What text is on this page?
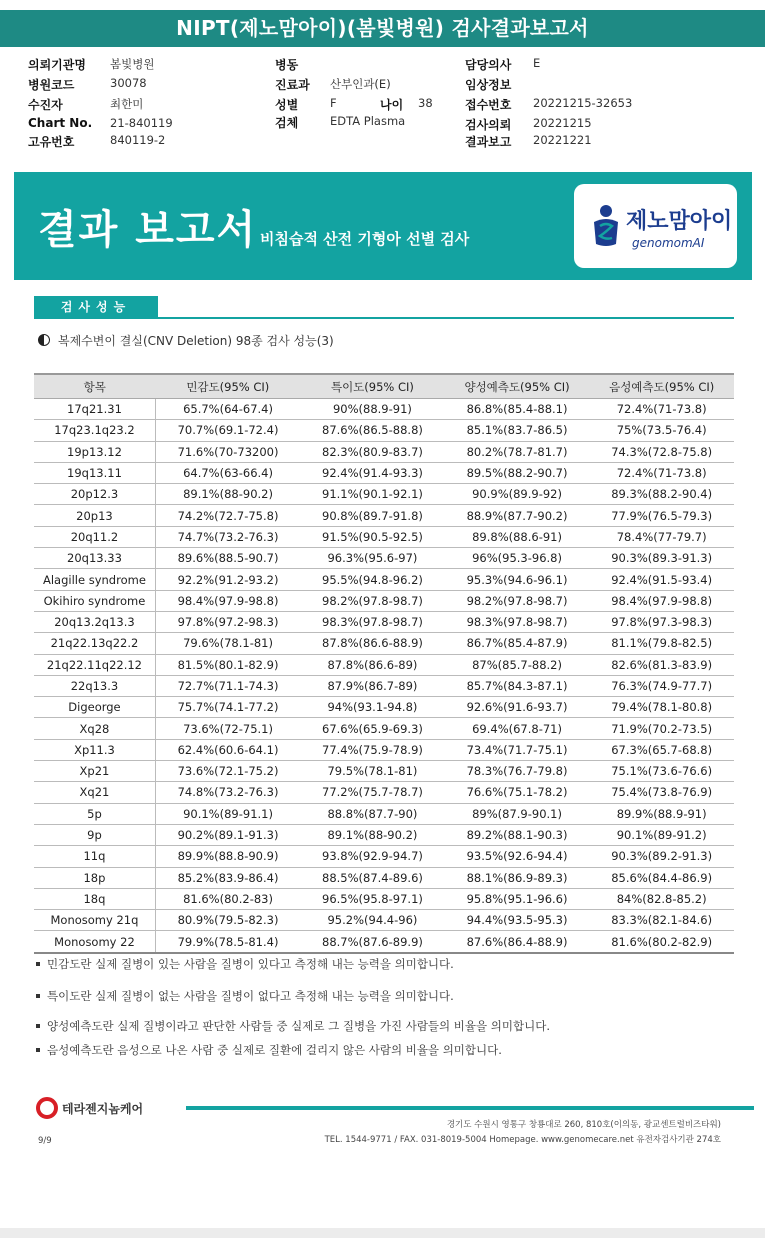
NIPT(제노맘아이)(봄빛병원) 검사결과보고서
의뢰기관명 봄빛병원
병원코드	30078
수진자	최한미
Chart No. 21-840119
고유번호	840119-2
병동
진료과 산부인과(E)
성별	F	나이 38
검체	EDTA Plasma
담당의사 E
임상정보
접수번호 20221215-32653
검사의뢰 20221215
결과보고 20221221
결과 보고서 비침습적 산전 기형아 선별 검사
제노맘아이
genomomAI
검사성능
복제수변이 결실(CNV Deletion) 98종 검사 성능(3)
항목	민감도(95% CI)	특이도(95% CI)	양성예측도(95% CI)	음성예측도(95% CI)
17q21.31	65.7%(64-67.4)	90%(88.9-91)	86.8%(85.4-88.1)	72.4%(71-73.8)
17q23.1q23.2	70.7%(69.1-72.4)	87.6%(86.5-88.8)	85.1%(83.7-86.5)	75%(73.5-76.4)
19p13.12	71.6%(70-73200)	82.3%(80.9-83.7)	80.2%(78.7-81.7)	74.3%(72.8-75.8)
19q13.11	64.7%(63-66.4)	92.4%(91.4-93.3)	89.5%(88.2-90.7)	72.4%(71-73.8)
20p12.3	89.1%(88-90.2)	91.1%(90.1-92.1)	90.9%(89.9-92)	89.3%(88.2-90.4)
20p13	74.2%(72.7-75.8)	90.8%(89.7-91.8)	88.9%(87.7-90.2)	77.9%(76.5-79.3)
20q11.2	74.7%(73.2-76.3)	91.5%(90.5-92.5)	89.8%(88.6-91)	78.4%(77-79.7)
20q13.33	89.6%(88.5-90.7)	96.3%(95.6-97)	96%(95.3-96.8)	90.3%(89.3-91.3)
Alagille syndrome	92.2%(91.2-93.2)	95.5%(94.8-96.2)	95.3%(94.6-96.1)	92.4%(91.5-93.4)
Okihiro syndrome	98.4%(97.9-98.8)	98.2%(97.8-98.7)	98.2%(97.8-98.7)	98.4%(97.9-98.8)
20q13.2q13.3	97.8%(97.2-98.3)	98.3%(97.8-98.7)	98.3%(97.8-98.7)	97.8%(97.3-98.3)
21q22.13q22.2	79.6%(78.1-81)	87.8%(86.6-88.9)	86.7%(85.4-87.9)	81.1%(79.8-82.5)
21q22.11q22.12	81.5%(80.1-82.9)	87.8%(86.6-89)	87%(85.7-88.2)	82.6%(81.3-83.9)
22q13.3	72.7%(71.1-74.3)	87.9%(86.7-89)	85.7%(84.3-87.1)	76.3%(74.9-77.7)
Digeorge	75.7%(74.1-77.2)	94%(93.1-94.8)	92.6%(91.6-93.7)	79.4%(78.1-80.8)
Xq28	73.6%(72-75.1)	67.6%(65.9-69.3)	69.4%(67.8-71)	71.9%(70.2-73.5)
Xp11.3	62.4%(60.6-64.1)	77.4%(75.9-78.9)	73.4%(71.7-75.1)	67.3%(65.7-68.8)
Xp21	73.6%(72.1-75.2)	79.5%(78.1-81)	78.3%(76.7-79.8)	75.1%(73.6-76.6)
Xq21	74.8%(73.2-76.3)	77.2%(75.7-78.7)	76.6%(75.1-78.2)	75.4%(73.8-76.9)
5p	90.1%(89-91.1)	88.8%(87.7-90)	89%(87.9-90.1)	89.9%(88.9-91)
9p	90.2%(89.1-91.3)	89.1%(88-90.2)	89.2%(88.1-90.3)	90.1%(89-91.2)
11q	89.9%(88.8-90.9)	93.8%(92.9-94.7)	93.5%(92.6-94.4)	90.3%(89.2-91.3)
18p	85.2%(83.9-86.4)	88.5%(87.4-89.6)	88.1%(86.9-89.3)	85.6%(84.4-86.9)
18q	81.6%(80.2-83)	96.5%(95.8-97.1)	95.8%(95.1-96.6)	84%(82.8-85.2)
Monosomy 21q	80.9%(79.5-82.3)	95.2%(94.4-96)	94.4%(93.5-95.3)	83.3%(82.1-84.6)
Monosomy 22	79.9%(78.5-81.4)	88.7%(87.6-89.9)	87.6%(86.4-88.9)	81.6%(80.2-82.9)
민감도란 실제 질병이 있는 사람을 질병이 있다고 측정해 내는 능력을 의미합니다.
특이도란 실제 질병이 없는 사람을 질병이 없다고 측정해 내는 능력을 의미합니다.
양성예측도란 실제 질병이라고 판단한 사람들 중 실제로 그 질병을 가진 사람들의 비율을 의미합니다.
음성예측도란 음성으로 나온 사람 중 실제로 질환에 걸리지 않은 사람의 비율을 의미합니다.
테라젠지놈케어
경기도 수원시 영통구 창룡대로 260, 810호(이의동, 광교센트럴비즈타워)
TEL. 1544-9771 / FAX. 031-8019-5004 Homepage. www.genomecare.net 유전자검사기관 274호
9/9
